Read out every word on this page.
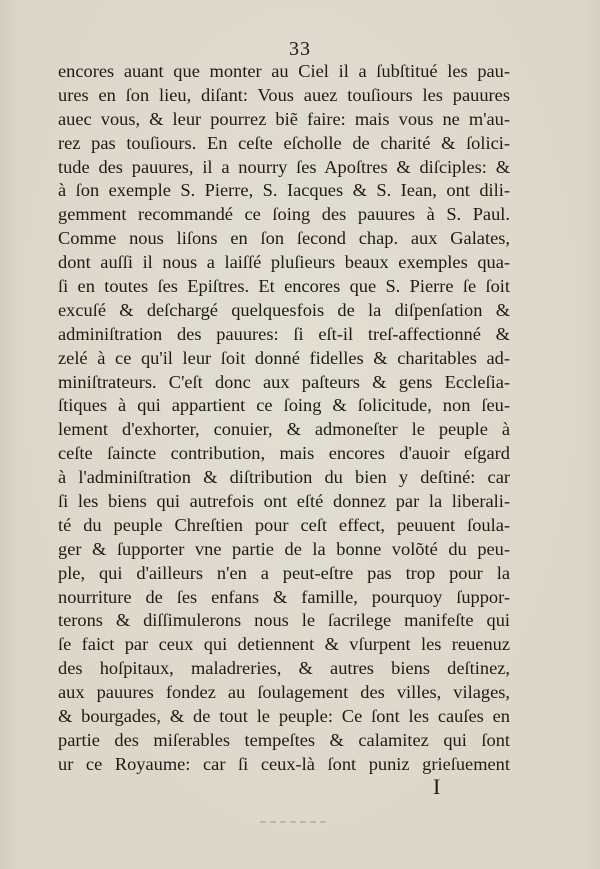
33
encores auant que monter au Ciel il a ſubſtitué les pau-
ures en ſon lieu, diſant: Vous auez touſiours les pauures
auec vous, & leur pourrez biẽ faire: mais vous ne m'au-
rez pas touſiours. En ceſte eſcholle de charité & ſolici-
tude des pauures, il a nourry ſes Apoſtres & diſciples: &
à ſon exemple S. Pierre, S. Iacques & S. Iean, ont dili-
gemment recommandé ce ſoing des pauures à S. Paul.
Comme nous liſons en ſon ſecond chap. aux Galates,
dont auſſi il nous a laiſſé pluſieurs beaux exemples qua-
ſi en toutes ſes Epiſtres. Et encores que S. Pierre ſe ſoit
excuſé & deſchargé quelquesfois de la diſpenſation &
adminiſtration des pauures: ſi eſt-il treſ-affectionné &
zelé à ce qu'il leur ſoit donné fidelles & charitables ad-
miniſtrateurs. C'eſt donc aux paſteurs & gens Eccleſia-
ſtiques à qui appartient ce ſoing & ſolicitude, non ſeu-
lement d'exhorter, conuier, & admoneſter le peuple à
ceſte ſaincte contribution, mais encores d'auoir eſgard
à l'adminiſtration & diſtribution du bien y deſtiné: car
ſi les biens qui autrefois ont eſté donnez par la liberali-
té du peuple Chreſtien pour ceſt effect, peuuent ſoula-
ger & ſupporter vne partie de la bonne volõté du peu-
ple, qui d'ailleurs n'en a peut-eſtre pas trop pour la
nourriture de ſes enfans & famille, pourquoy ſuppor-
terons & diſſimulerons nous le ſacrilege manifeſte qui
ſe faict par ceux qui detiennent & vſurpent les reuenuz
des hoſpitaux, maladreries, & autres biens deſtinez,
aux pauures fondez au ſoulagement des villes, vilages,
& bourgades, & de tout le peuple: Ce ſont les cauſes en
partie des miſerables tempeſtes & calamitez qui ſont
ur ce Royaume: car ſi ceux-là ſont puniz grieſuement
I
